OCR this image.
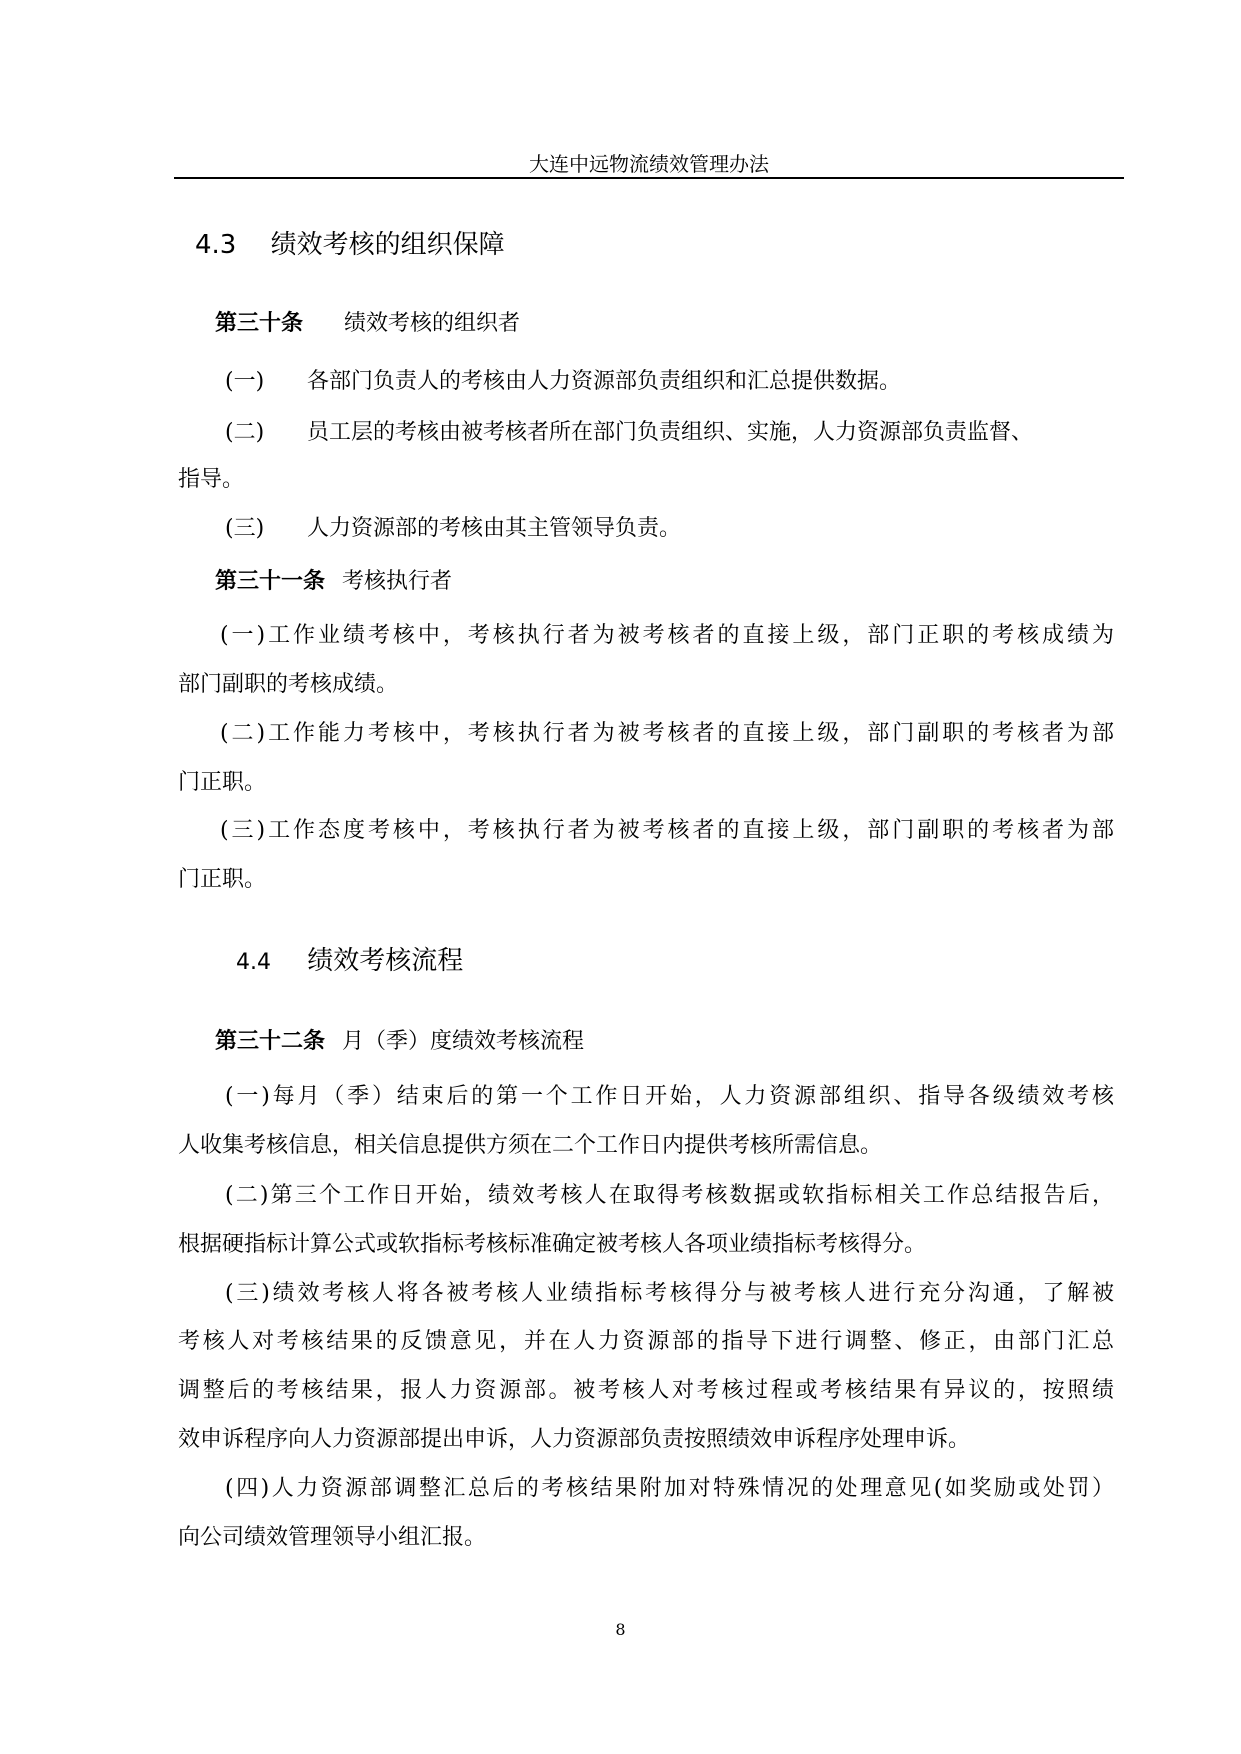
大连中远物流绩效管理办法
4.3 绩效考核的组织保障
第三十条 绩效考核的组织者
(一) 各部门负责人的考核由人力资源部负责组织和汇总提供数据。
(二) 员工层的考核由被考核者所在部门负责组织、实施，人力资源部负责监督、
指导。
(三) 人力资源部的考核由其主管领导负责。
第三十一条 考核执行者
(一)工作业绩考核中，考核执行者为被考核者的直接上级，部门正职的考核成绩为
部门副职的考核成绩。
(二)工作能力考核中，考核执行者为被考核者的直接上级，部门副职的考核者为部
门正职。
(三)工作态度考核中，考核执行者为被考核者的直接上级，部门副职的考核者为部
门正职。
4.4 绩效考核流程
第三十二条 月（季）度绩效考核流程
(一)每月（季）结束后的第一个工作日开始，人力资源部组织、指导各级绩效考核
人收集考核信息，相关信息提供方须在二个工作日内提供考核所需信息。
(二)第三个工作日开始，绩效考核人在取得考核数据或软指标相关工作总结报告后，
根据硬指标计算公式或软指标考核标准确定被考核人各项业绩指标考核得分。
(三)绩效考核人将各被考核人业绩指标考核得分与被考核人进行充分沟通，了解被
考核人对考核结果的反馈意见，并在人力资源部的指导下进行调整、修正，由部门汇总
调整后的考核结果，报人力资源部。被考核人对考核过程或考核结果有异议的，按照绩
效申诉程序向人力资源部提出申诉，人力资源部负责按照绩效申诉程序处理申诉。
(四)人力资源部调整汇总后的考核结果附加对特殊情况的处理意见(如奖励或处罚）
向公司绩效管理领导小组汇报。
8
